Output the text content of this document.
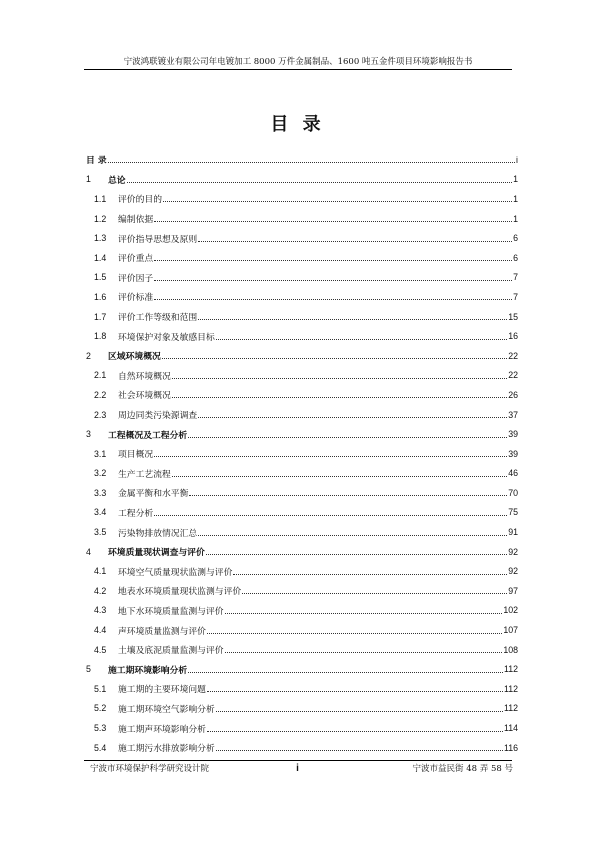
宁波鸿联镀业有限公司年电镀加工 8000 万件金属制品、1600 吨五金件项目环境影响报告书
目 录
目 录	i
1	总论	1
1.1	评价的目的	1
1.2	编制依据	1
1.3	评价指导思想及原则	6
1.4	评价重点	6
1.5	评价因子	7
1.6	评价标准	7
1.7	评价工作等级和范围	15
1.8	环境保护对象及敏感目标	16
2	区域环境概况	22
2.1	自然环境概况	22
2.2	社会环境概况	26
2.3	周边同类污染源调查	37
3	工程概况及工程分析	39
3.1	项目概况	39
3.2	生产工艺流程	46
3.3	金属平衡和水平衡	70
3.4	工程分析	75
3.5	污染物排放情况汇总	91
4	环境质量现状调查与评价	92
4.1	环境空气质量现状监测与评价	92
4.2	地表水环境质量现状监测与评价	97
4.3	地下水环境质量监测与评价	102
4.4	声环境质量监测与评价	107
4.5	土壤及底泥质量监测与评价	108
5	施工期环境影响分析	112
5.1	施工期的主要环境问题	112
5.2	施工期环境空气影响分析	112
5.3	施工期声环境影响分析	114
5.4	施工期污水排放影响分析	116
宁波市环境保护科学研究设计院	i	宁波市益民街 48 弄 58 号
